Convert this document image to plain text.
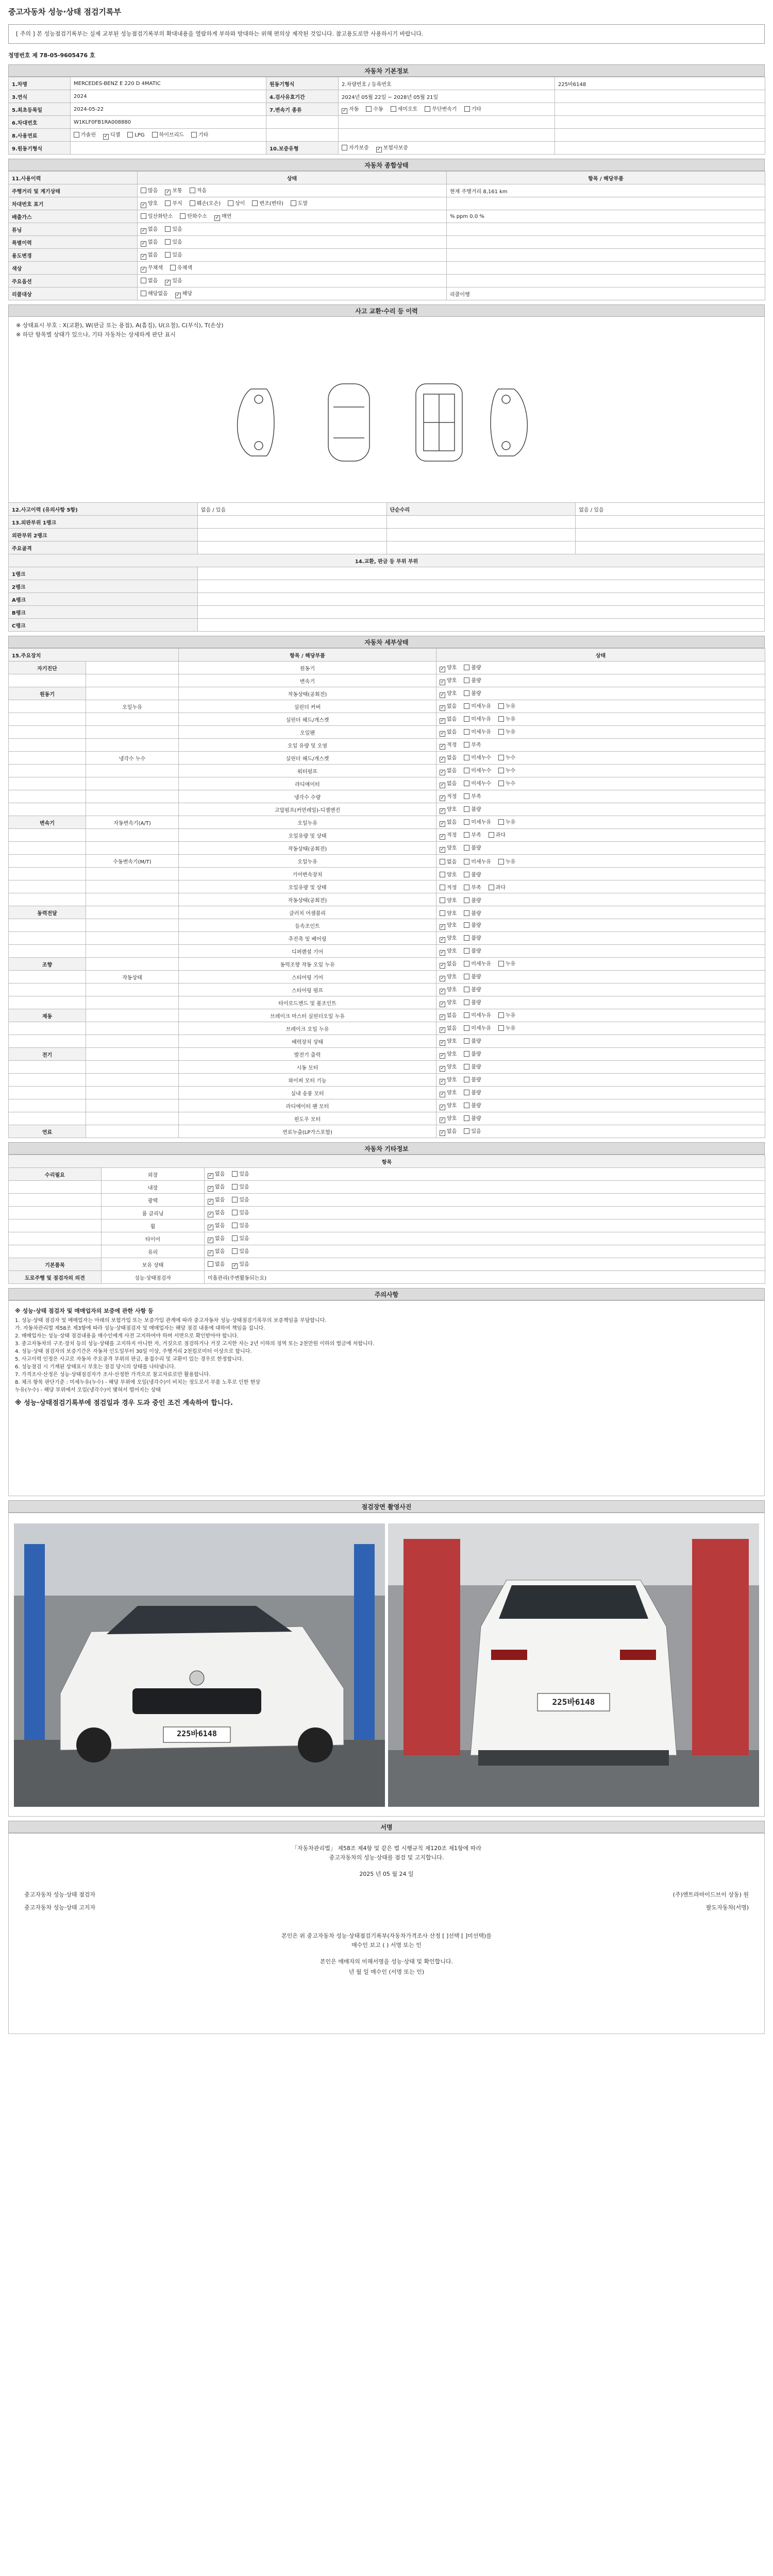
중고자동차 성능·상태 점검기록부
[ 주의 ] 본 성능점검기록부는 실제 교부된 성능점검기록부의 확대내용을 열람하게 부하와 방대하는 위해 편의상 제작된 것입니다. 참고용도로만 사용하시기 바랍니다.
정명번호 제 78-05-9605476 호
자동차 기본정보
1.차명	MERCEDES-BENZ E 220 D 4MATIC	원동기형식	2.차량번호 / 등록번호	225바6148
3.연식	2024	4.검사유효기간	2024년 05월 22일 ~ 2028년 05월 21일	
5.최초등록일	2024-05-22	7.변속기 종류	✓자동 수동 세미오토 무단변속기 기타	
6.차대번호	W1KLF0FB1RA008880			
8.사용연료	가솔린 ✓ 디젤 LPG 하이브리드 기타			
9.원동기형식		10.보증유형	자가보증 ✓ 보험사보증	
자동차 종합상태
11.사용이력	상태	항목 / 해당부품
주행거리 및 계기상태	많음 ✓ 보통 적음	현재 주행거리 8,161 km
차대번호 표기	✓양호 부식 훼손(오손) 상이 변조(변타) 도말	
배출가스	일산화탄소 탄화수소 ✓ 매연	% ppm 0.0 %
튜닝	✓없음 있음	
특별이력	✓없음 있음	
용도변경	✓없음 있음	
색상	✓무채색 유채색	
주요옵션	없음 ✓ 있음	
리콜대상	해당없음 ✓ 해당	리콜이행
사고 교환·수리 등 이력
※ 상태표시 부호 : X(교환), W(판금 또는 용접), A(흠집), U(요철), C(부식), T(손상)
※ 하단 항목별 상태가 있으나, 기타 자동차는 상세하게 판단 표시
12.사고이력 (유의사항 5항)	없음 / 있음	단순수리	없음 / 있음
13.외판부위 1랭크			
외판부위 2랭크			
주요골격			
14.교환, 판금 등 부위 부위			
1랭크			
2랭크			
A랭크			
B랭크			
C랭크			
자동차 세부상태
15.주요장치		항목 / 해당부품	상태
자기진단		원동기	✓양호 불량
		변속기	✓양호 불량
원동기		작동상태(공회전)	✓양호 불량
	오일누유	실린더 커버	✓없음 미세누유 누유
		실린더 헤드/개스켓	✓없음 미세누유 누유
		오일팬	✓없음 미세누유 누유
		오일 유량 및 오염	✓적정 부족
	냉각수 누수	실린더 헤드/개스켓	✓없음 미세누수 누수
		워터펌프	✓없음 미세누수 누수
		라디에이터	✓없음 미세누수 누수
		냉각수 수량	✓적정 부족
		고압펌프(커먼레일)-디젤엔진	✓양호 불량
변속기	자동변속기(A/T)	오일누유	✓없음 미세누유 누유
		오일유량 및 상태	✓적정 부족 과다
		작동상태(공회전)	✓양호 불량
	수동변속기(M/T)	오일누유	없음 미세누유 누유
		기어변속장치	양호 불량
		오일유량 및 상태	적정 부족 과다
		작동상태(공회전)	양호 불량
동력전달		클러치 어셈블리	양호 불량
		등속조인트	✓양호 불량
		추진축 및 베어링	✓양호 불량
		디퍼렌셜 기어	✓양호 불량
조향		동력조향 작동 오일 누유	✓없음 미세누유 누유
	작동상태	스티어링 기어	✓양호 불량
		스티어링 펌프	✓양호 불량
		타이로드엔드 및 볼조인트	✓양호 불량
제동		브레이크 마스터 실린더오일 누유	✓없음 미세누유 누유
		브레이크 오일 누유	✓없음 미세누유 누유
		배력장치 상태	✓양호 불량
전기		발전기 출력	✓양호 불량
		시동 모터	✓양호 불량
		와이퍼 모터 기능	✓양호 불량
		실내 송풍 모터	✓양호 불량
		라디에이터 팬 모터	✓양호 불량
		윈도우 모터	✓양호 불량
연료		연료누출(LP가스포함)	✓없음 있음
자동차 기타정보
항목		
수리필요	외장	✓없음 있음
	내장	✓없음 있음
	광택	✓없음 있음
	룸 클리닝	✓없음 있음
	휠	✓없음 있음
	타이어	✓없음 있음
	유리	✓없음 있음
기본품목	보유 상태	없음 ✓ 있음
도로주행 및 점검자의 의견	성능·상태점검자	미흡관리(주변활동되는요)
주의사항
※ 성능·상태 점검자 및 매매업자의 보증에 관한 사항 등
1. 성능·상태 점검자 및 매매업자는 아래의 보험가입 또는 보증가입 관계에 따라 중고자동차 성능·상태점검기록부의 보증책임을 부담합니다.
가. 자동차관리법 제58조 제3항에 따라 성능·상태점검자 및 매매업자는 해당 점검 내용에 대하여 책임을 집니다.
2. 매매업자는 성능·상태 점검내용을 매수인에게 사전 고지하여야 하며 서면으로 확인받아야 합니다.
3. 중고자동차의 구조·장치 등의 성능·상태를 고지하지 아니한 자, 거짓으로 점검하거나 거짓 고지한 자는 2년 이하의 징역 또는 2천만원 이하의 벌금에 처합니다.
4. 성능·상태 점검자의 보증기간은 자동차 인도일부터 30일 이상, 주행거리 2천킬로미터 이상으로 합니다.
5. 사고이력 인정은 사고로 자동차 주요골격 부위의 판금, 용접수리 및 교환이 있는 경우로 한정합니다.
6. 성능점검 시 기재된 상태표시 부호는 점검 당시의 상태를 나타냅니다.
7. 가격조사·산정은 성능·상태점검자가 조사·산정한 가격으로 참고자료로만 활용합니다.
8. 체크 항목 판단기준 : 미세누유(누수) - 해당 부위에 오일(냉각수)이 비치는 정도로서 부품 노후로 인한 현상
누유(누수) - 해당 부위에서 오일(냉각수)이 맺혀서 떨어지는 상태
※ 성능·상태점검기록부에 점검일과 경우 도과 중인 조건 계속하여 합니다.
점검장면 촬영사진
225바6148
225바6148
서명
「자동차관리법」 제58조 제4항 및 같은 법 시행규칙 제120조 제1항에 따라
중고자동차의 성능·상태를 점검 및 고지합니다.
2025 년 05 월 24 일
중고자동차 성능·상태 점검자	(주)엔트라마이드브이 상동) 원
중고자동차 성능·상태 고지자	팔도자동차(서명)
본인은 위 중고자동차 성능·상태점검기록부(자동차가격조사 산정 [ ]선택 [ ]미선택)를
매수인 보고 ( ) 서명 또는 인
본인은 매매자의 미해서명을 성능·상태 및 확인합니다.
년 월 일 매수인 (서명 또는 인)
